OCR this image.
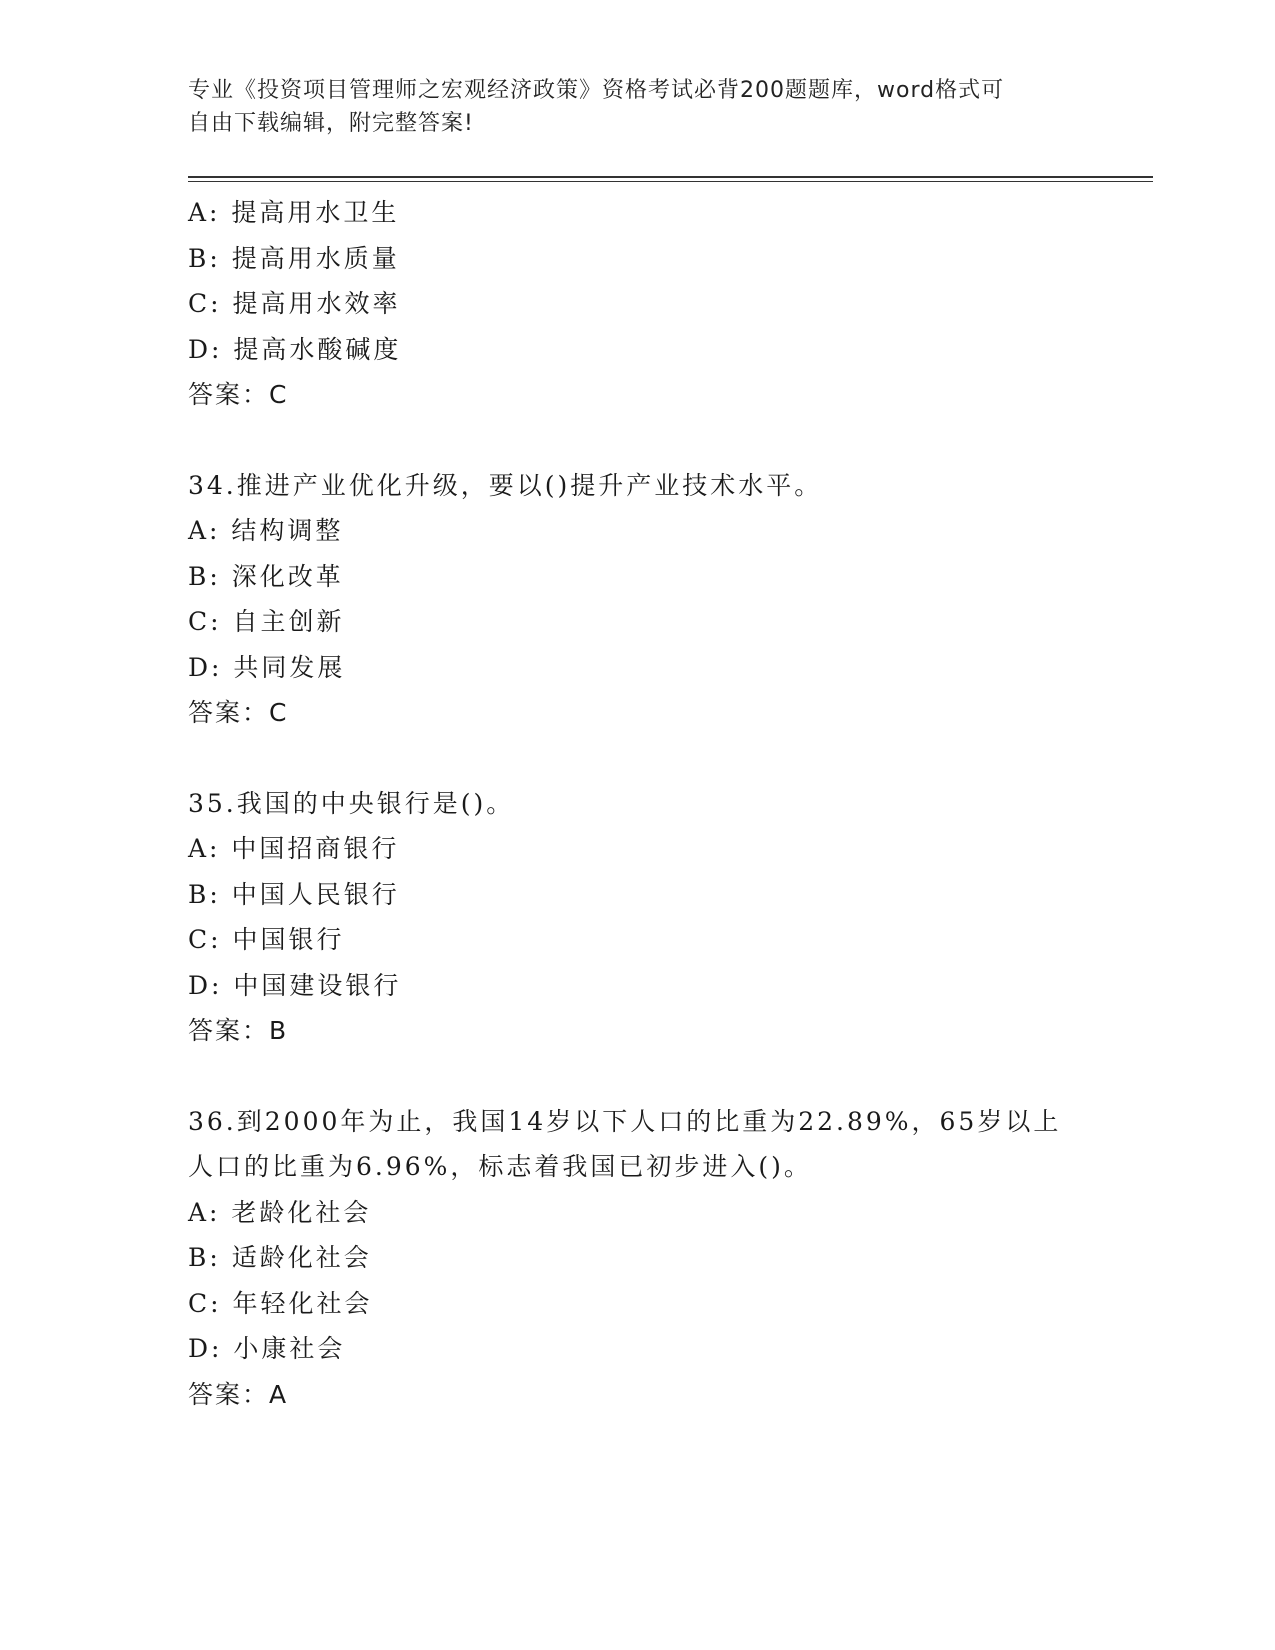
专业《投资项目管理师之宏观经济政策》资格考试必背200题题库，word格式可
自由下载编辑，附完整答案!
A: 提高用水卫生
B: 提高用水质量
C: 提高用水效率
D: 提高水酸碱度
答案：C
34.推进产业优化升级，要以()提升产业技术水平。
A: 结构调整
B: 深化改革
C: 自主创新
D: 共同发展
答案：C
35.我国的中央银行是()。
A: 中国招商银行
B: 中国人民银行
C: 中国银行
D: 中国建设银行
答案：B
36.到2000年为止，我国14岁以下人口的比重为22.89%，65岁以上
人口的比重为6.96%，标志着我国已初步进入()。
A: 老龄化社会
B: 适龄化社会
C: 年轻化社会
D: 小康社会
答案：A
